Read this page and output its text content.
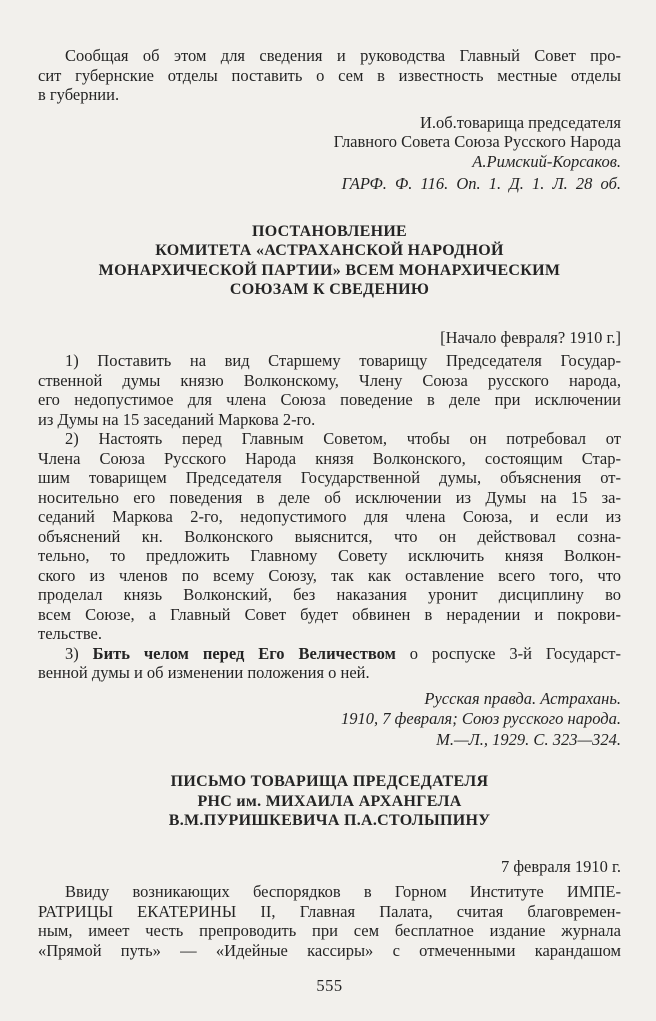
Сообщая об этом для сведения и руководства Главный Совет про-
сит губернские отделы поставить о сем в известность местные отделы
в губернии.
И.об.товарища председателя
Главного Совета Союза Русского Народа
А.Римский-Корсаков.
ГАРФ. Ф. 116. Оп. 1. Д. 1. Л. 28 об.
ПОСТАНОВЛЕНИЕ
КОМИТЕТА «АСТРАХАНСКОЙ НАРОДНОЙ
МОНАРХИЧЕСКОЙ ПАРТИИ» ВСЕМ МОНАРХИЧЕСКИМ
СОЮЗАМ К СВЕДЕНИЮ
[Начало февраля? 1910 г.]
1) Поставить на вид Старшему товарищу Председателя Государ-
ственной думы князю Волконскому, Члену Союза русского народа,
его недопустимое для члена Союза поведение в деле при исключении
из Думы на 15 заседаний Маркова 2-го.
2) Настоять перед Главным Советом, чтобы он потребовал от
Члена Союза Русского Народа князя Волконского, состоящим Стар-
шим товарищем Председателя Государственной думы, объяснения от-
носительно его поведения в деле об исключении из Думы на 15 за-
седаний Маркова 2-го, недопустимого для члена Союза, и если из
объяснений кн. Волконского выяснится, что он действовал созна-
тельно, то предложить Главному Совету исключить князя Волкон-
ского из членов по всему Союзу, так как оставление всего того, что
проделал князь Волконский, без наказания уронит дисциплину во
всем Союзе, а Главный Совет будет обвинен в нерадении и покрови-
тельстве.
3) Бить челом перед Его Величеством о роспуске 3-й Государст-
венной думы и об изменении положения о ней.
Русская правда. Астрахань.
1910, 7 февраля; Союз русского народа.
М.—Л., 1929. С. 323—324.
ПИСЬМО ТОВАРИЩА ПРЕДСЕДАТЕЛЯ
РНС им. МИХАИЛА АРХАНГЕЛА
В.М.ПУРИШКЕВИЧА П.А.СТОЛЫПИНУ
7 февраля 1910 г.
Ввиду возникающих беспорядков в Горном Институте ИМПЕ-
РАТРИЦЫ ЕКАТЕРИНЫ II, Главная Палата, считая благовремен-
ным, имеет честь препроводить при сем бесплатное издание журнала
«Прямой путь» — «Идейные кассиры» с отмеченными карандашом
555
